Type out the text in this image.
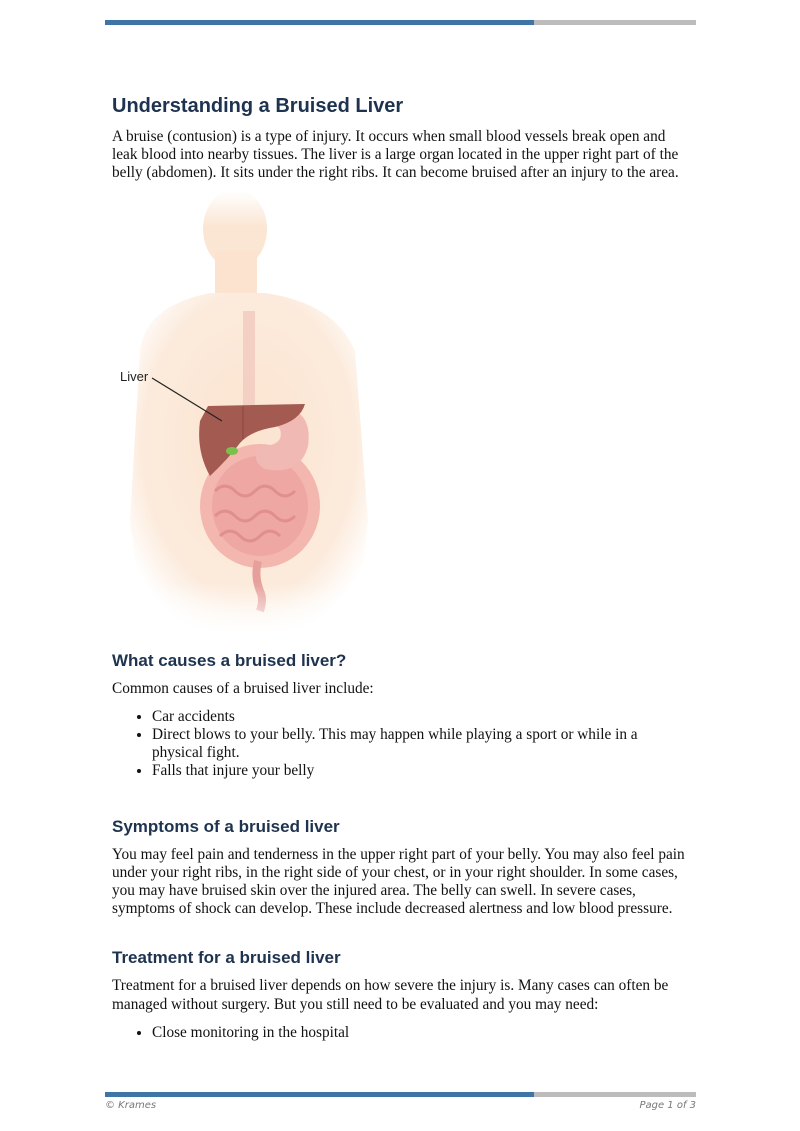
Understanding a Bruised Liver

A bruise (contusion) is a type of injury. It occurs when small blood vessels break open and leak blood into nearby tissues. The liver is a large organ located in the upper right part of the belly (abdomen). It sits under the right ribs. It can become bruised after an injury to the area.

Liver
What causes a bruised liver?

Common causes of a bruised liver include:

• Car accidents
• Direct blows to your belly. This may happen while playing a sport or while in a physical fight.
• Falls that injure your belly
Symptoms of a bruised liver

You may feel pain and tenderness in the upper right part of your belly. You may also feel pain under your right ribs, in the right side of your chest, or in your right shoulder. In some cases, you may have bruised skin over the injured area. The belly can swell. In severe cases, symptoms of shock can develop. These include decreased alertness and low blood pressure.

Treatment for a bruised liver

Treatment for a bruised liver depends on how severe the injury is. Many cases can often be managed without surgery. But you still need to be evaluated and you may need:

• Close monitoring in the hospital
© Krames	Page 1 of 3
